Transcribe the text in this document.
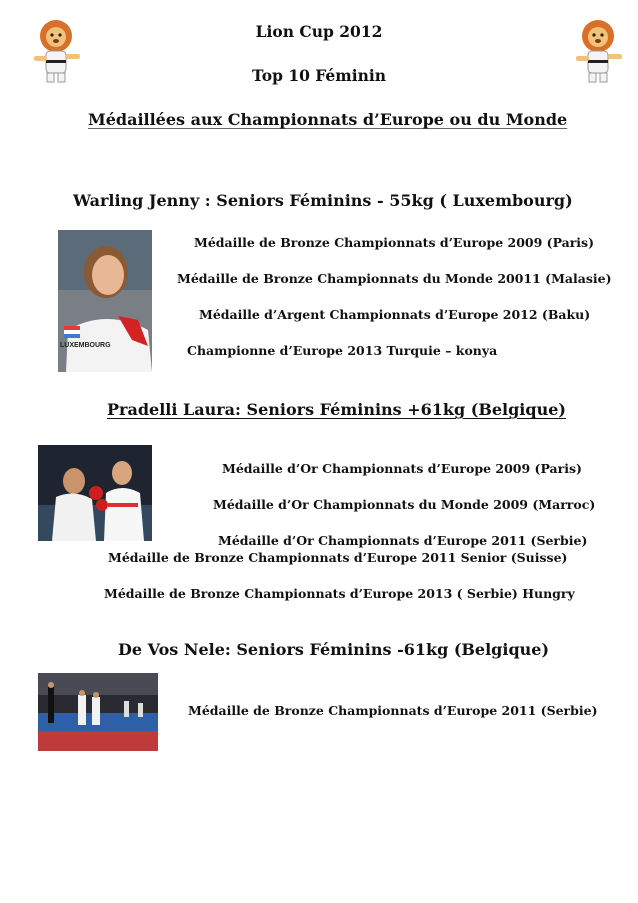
Lion Cup 2012
Top 10 Féminin
Médaillées aux Championnats d’Europe ou du Monde
Warling Jenny : Seniors Féminins - 55kg ( Luxembourg)
LUXEMBOURG
Médaille de Bronze Championnats d’Europe 2009 (Paris)
Médaille de Bronze Championnats du Monde 20011 (Malasie)
Médaille d’Argent Championnats d’Europe 2012 (Baku)
Championne d’Europe 2013 Turquie – konya
Pradelli Laura: Seniors Féminins +61kg (Belgique)
Médaille d’Or Championnats d’Europe 2009 (Paris)
Médaille d’Or Championnats du Monde 2009 (Marroc)
Médaille d’Or Championnats d’Europe 2011 (Serbie)
Médaille de Bronze Championnats d’Europe 2011 Senior (Suisse)
Médaille de Bronze Championnats d’Europe 2013 ( Serbie) Hungry
De Vos Nele: Seniors Féminins -61kg (Belgique)
Médaille de Bronze Championnats d’Europe 2011 (Serbie)
